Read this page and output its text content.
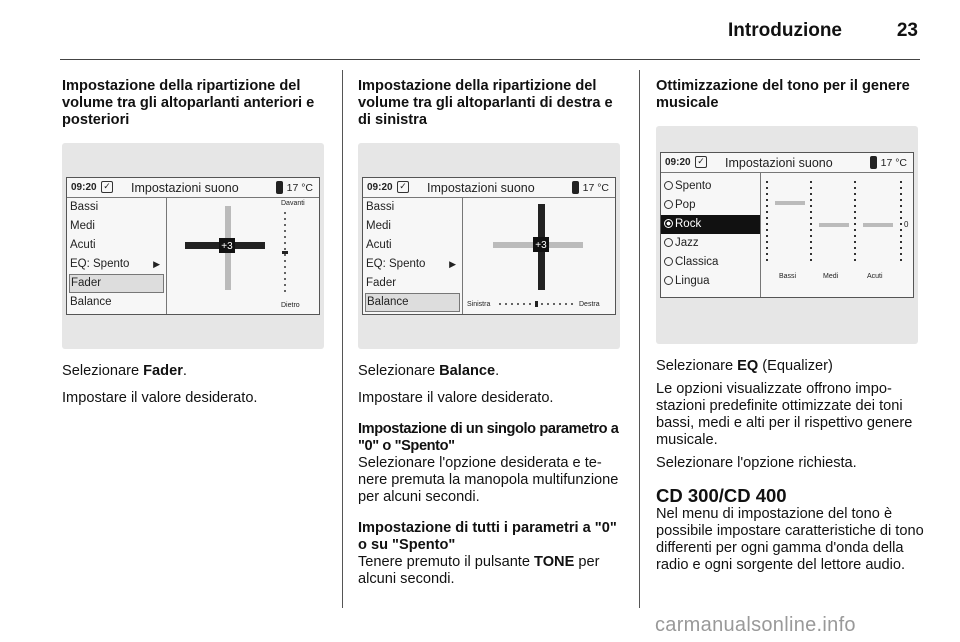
Introduzione	23
Impostazione della ripartizione del volume tra gli altoparlanti anteriori e posteriori
09:20 ✓ Impostazioni suono	17 °C
Bassi
Medi
Acuti
EQ: Spento	▶
Fader
Balance
+3
Davanti
Dietro

Selezionare Fader.

Impostare il valore desiderato.

Impostazione della ripartizione del volume tra gli altoparlanti di destra e di sinistra
09:20 ✓ Impostazioni suono	17 °C
Bassi
Medi
Acuti
EQ: Spento	▶
Fader
Balance
+3
Sinistra	Destra

Selezionare Balance.

Impostare il valore desiderato.

Impostazione di un singolo parametro a "0" o "Spento"

Selezionare l'opzione desiderata e tenere premuta la manopola multifunzione per alcuni secondi.

Impostazione di tutti i parametri a "0" o su "Spento"

Tenere premuto il pulsante TONE per alcuni secondi.

Ottimizzazione del tono per il genere musicale
09:20 ✓ Impostazioni suono	17 °C
Spento
Pop
Rock
Jazz
Classica
Lingua
0
Bassi	Medi	Acuti

Selezionare EQ (Equalizer)

Le opzioni visualizzate offrono impostazioni predefinite ottimizzate dei toni bassi, medi e alti per il rispettivo genere musicale.

Selezionare l'opzione richiesta.

CD 300/CD 400

Nel menu di impostazione del tono è possibile impostare caratteristiche di tono differenti per ogni gamma d'onda della radio e ogni sorgente del lettore audio.

carmanualsonline.info
